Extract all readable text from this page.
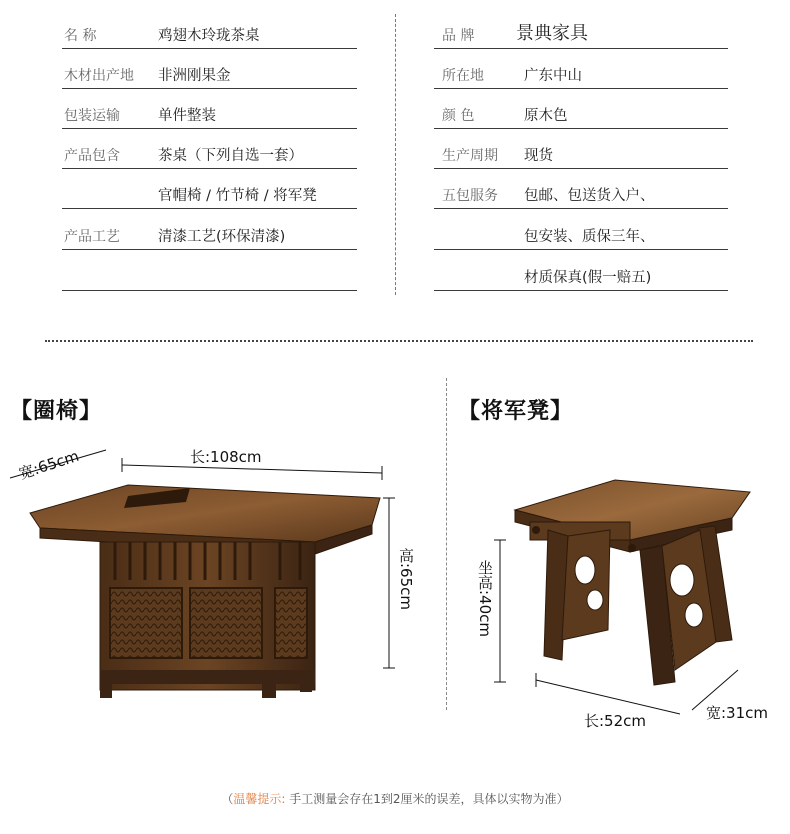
名 称	鸡翅木玲珑茶桌
木材出产地 非洲刚果金
包装运输	单件整装
产品包含	茶桌（下列自选一套）
官帽椅 / 竹节椅 / 将军凳
产品工艺	清漆工艺(环保清漆)
品 牌 景典家具
所在地	广东中山
颜 色	原木色
生产周期 现货
五包服务 包邮、包送货入户、
包安装、质保三年、
材质保真(假一赔五)
【圈椅】	【将军凳】
长:108cm
宽:65cm
高:65cm	坐高:40cm
长:52cm	宽:31cm
（温馨提示: 手工测量会存在1到2厘米的误差，具体以实物为准）
